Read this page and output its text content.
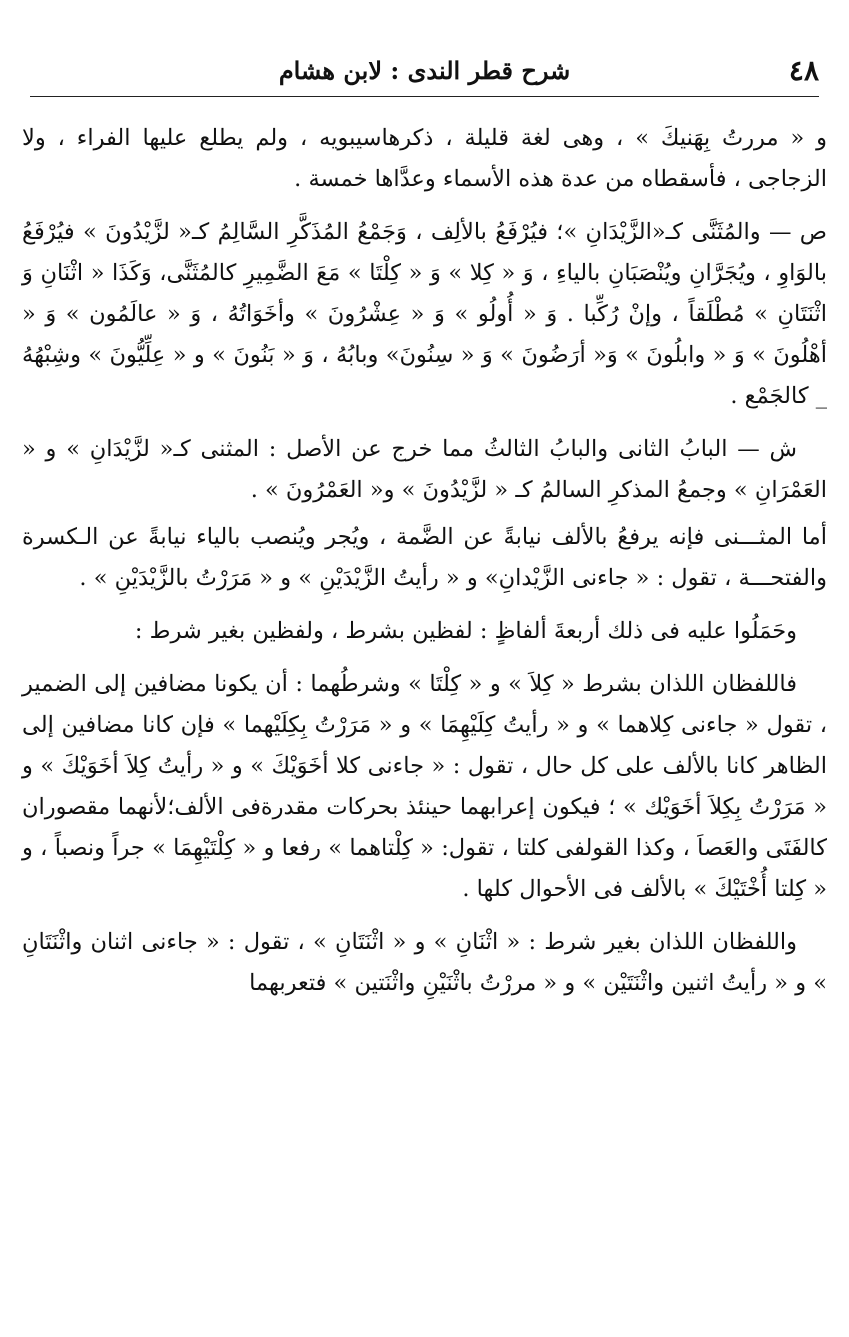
٤٨
شرح قطر الندى : لابن هشام

و « مررتُ بِهَنيكَ » ، وهى لغة قليلة ، ذكرهاسيبويه ، ولم يطلع عليها الفراء ، ولا الزجاجى ، فأسقطاه من عدة هذه الأسماء وعدَّاها خمسة .

ص — والمُثَنَّى كـ«الزَّيْدَانِ »؛ فيُرْفَعُ بالألِف ، وَجَمْعُ المُذَكَّرِ السَّالِمُ كـ« لزَّيْدُونَ » فيُرْفَعُ بالوَاوِ ، ويُجَرَّانِ ويُنْصَبَانِ بالياءِ ، وَ « كِلا » وَ « كِلْتَا » مَعَ الضَّمِيرِ كالمُثَنَّى، وَكَذَا « اثْنَانِ وَ اثْنَتَانِ » مُطْلَقاً ، وإنْ رُكِّبا . وَ « أُولُو » وَ « عِشْرُونَ » وأخَوَاتُهُ ، وَ « عالَمُون » وَ « أهْلُونَ » وَ « وابلُونَ » وَ« أرَضُونَ » وَ « سِنُونَ» وبابُهُ ، وَ « بَنُونَ » و « عِلِّيُّونَ » وشِبْهُهُ _ كالجَمْع .

ش — البابُ الثانى والبابُ الثالثُ مما خرج عن الأصل : المثنى كـ« لزَّيْدَانِ » و « العَمْرَانِ » وجمعُ المذكرِ السالمُ كـ « لزَّيْدُونَ » و« العَمْرُونَ » .

أما المثـــنى فإنه يرفعُ بالألف نيابةً عن الضَّمة ، ويُجر ويُنصب بالياء نيابةً عن الـكسرة والفتحـــة ، تقول : « جاءنى الزَّيْدانِ» و « رأيتُ الزَّيْدَيْنِ » و « مَرَرْتُ بالزَّيْدَيْنِ » .

وحَمَلُوا عليه فى ذلك أربعةَ ألفاظٍ : لفظين بشرط ، ولفظين بغير شرط :

فاللفظان اللذان بشرط « كِلاَ » و « كِلْتَا » وشرطُهما : أن يكونا مضافين إلى الضمير ، تقول « جاءنى كِلاهما » و « رأيتُ كِلَيْهِمَا » و « مَرَرْتُ بِكِلَيْهما » فإن كانا مضافين إلى الظاهر كانا بالألف على كل حال ، تقول : « جاءنى كلا أخَوَيْكَ » و « رأيتُ كِلاَ أخَوَيْكَ » و « مَرَرْتُ بِكِلاَ أخَوَيْك » ؛ فيكون إعرابهما حينئذ بحركات مقدرةفى الألف؛لأنهما مقصوران كالفَتَى والعَصاَ ، وكذا القولفى كلتا ، تقول: « كِلْتاهما » رفعا و « كِلْتَيْهِمَا » جراً ونصباً ، و « كِلتا أُخْتَيْكَ » بالألف فى الأحوال كلها .

واللفظان اللذان بغير شرط : « اثْنَانِ » و « اثْنَتَانِ » ، تقول : « جاءنى اثنان واثْنَتَانِ » و « رأيتُ اثنين واثْنَتَيْن » و « مررْتُ باثْنَيْنِ واثْنَتين » فتعربهما
